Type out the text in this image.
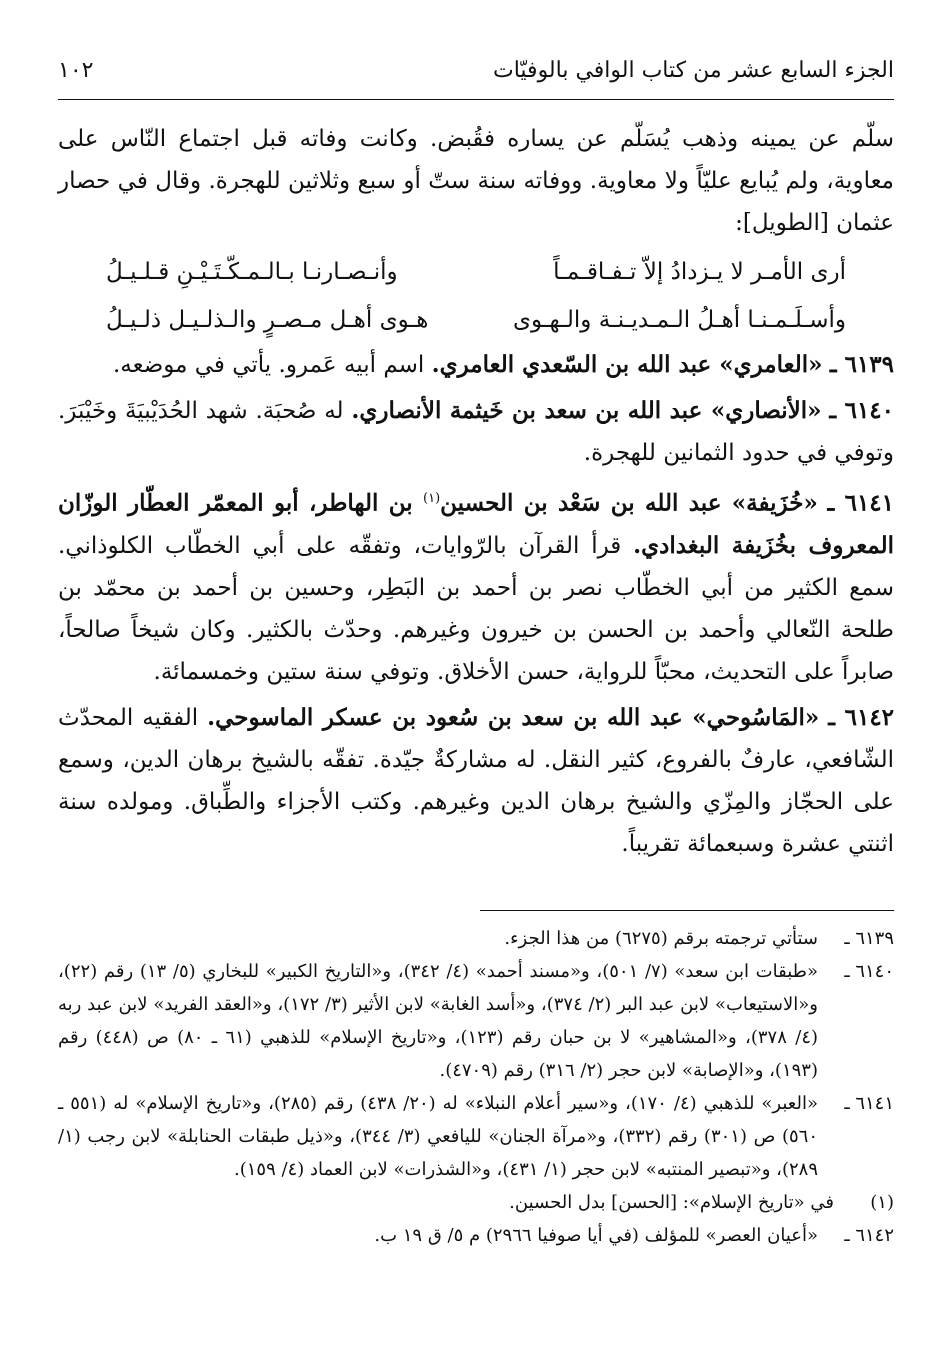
الجزء السابع عشر من كتاب الوافي بالوفيّات
١٠٢

سلّم عن يمينه وذهب يُسَلّم عن يساره فقُبض. وكانت وفاته قبل اجتماع النّاس على معاوية، ولم يُبايع عليّاً ولا معاوية. ووفاته سنة ستّ أو سبع وثلاثين للهجرة. وقال في حصار عثمان [الطويل]:

أرى الأمـر لا يـزدادُ إلاّ تـفـاقـمـاً
وأنـصـارنـا بـالـمـكّـتَـيْـنِ قـلـيـلُ
وأسـلَـمـنـا أهـلُ الـمـديـنـة والـهـوى
هـوى أهـل مـصـرٍ والـذلـيـل ذلـيـلُ

٦١٣٩ ـ «العامري» عبد الله بن السّعدي العامري. اسم أبيه عَمرو. يأتي في موضعه.

٦١٤٠ ـ «الأنصاري» عبد الله بن سعد بن خَيثمة الأنصاري. له صُحبَة. شهد الحُدَيْبيَةَ وخَيْبَرَ. وتوفي في حدود الثمانين للهجرة.

٦١٤١ ـ «خُزَيفة» عبد الله بن سَعْد بن الحسين$^{(١)}$ بن الهاطر، أبو المعمّر العطّار الوزّان المعروف بخُزَيفة البغدادي. قرأ القرآن بالرّوايات، وتفقّه على أبي الخطّاب الكلوذاني. سمع الكثير من أبي الخطّاب نصر بن أحمد بن البَطِر، وحسين بن أحمد بن محمّد بن طلحة النّعالي وأحمد بن الحسن بن خيرون وغيرهم. وحدّث بالكثير. وكان شيخاً صالحاً، صابراً على التحديث، محبّاً للرواية، حسن الأخلاق. وتوفي سنة ستين وخمسمائة.

٦١٤٢ ـ «المَاسُوحي» عبد الله بن سعد بن سُعود بن عسكر الماسوحي. الفقيه المحدّث الشّافعي، عارفٌ بالفروع، كثير النقل. له مشاركةٌ جيّدة. تفقّه بالشيخ برهان الدين، وسمع على الحجّاز والمِزّي والشيخ برهان الدين وغيرهم. وكتب الأجزاء والطِّباق. ومولده سنة اثنتي عشرة وسبعمائة تقريباً.

٦١٣٩ ـ
ستأتي ترجمته برقم (٦٢٧٥) من هذا الجزء.
٦١٤٠ ـ
«طبقات ابن سعد» (٧/ ٥٠١)، و«مسند أحمد» (٤/ ٣٤٢)، و«التاريخ الكبير» للبخاري (٥/ ١٣) رقم (٢٢)، و«الاستيعاب» لابن عبد البر (٢/ ٣٧٤)، و«أسد الغابة» لابن الأثير (٣/ ١٧٢)، و«العقد الفريد» لابن عبد ربه (٤/ ٣٧٨)، و«المشاهير» لا بن حبان رقم (١٢٣)، و«تاريخ الإسلام» للذهبي (٦١ ـ ٨٠) ص (٤٤٨) رقم (١٩٣)، و«الإصابة» لابن حجر (٢/ ٣١٦) رقم (٤٧٠٩).
٦١٤١ ـ
«العبر» للذهبي (٤/ ١٧٠)، و«سير أعلام النبلاء» له (٢٠/ ٤٣٨) رقم (٢٨٥)، و«تاريخ الإسلام» له (٥٥١ ـ ٥٦٠) ص (٣٠١) رقم (٣٣٢)، و«مرآة الجنان» لليافعي (٣/ ٣٤٤)، و«ذيل طبقات الحنابلة» لابن رجب (١/ ٢٨٩)، و«تبصير المنتبه» لابن حجر (١/ ٤٣١)، و«الشذرات» لابن العماد (٤/ ١٥٩).
(١)
في «تاريخ الإسلام»: [الحسن] بدل الحسين.
٦١٤٢ ـ
«أعيان العصر» للمؤلف (في أيا صوفيا ٢٩٦٦) م ٥/ ق ١٩ ب.
